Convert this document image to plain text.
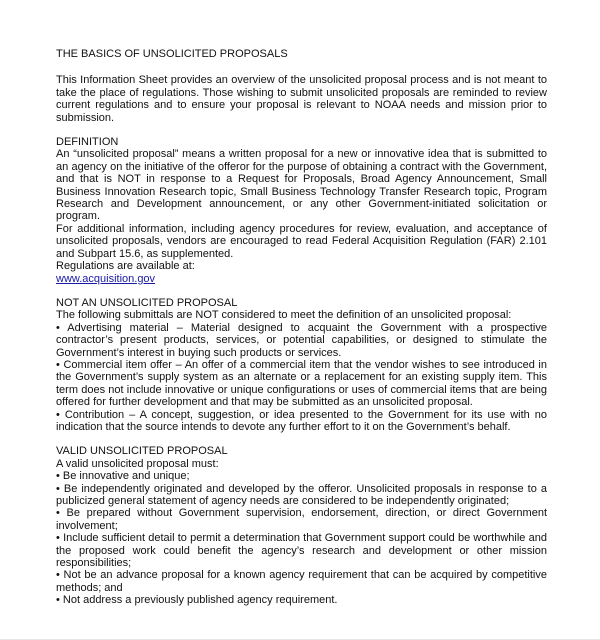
THE BASICS OF UNSOLICITED PROPOSALS

This Information Sheet provides an overview of the unsolicited proposal process and is not meant to take the place of regulations. Those wishing to submit unsolicited proposals are reminded to review current regulations and to ensure your proposal is relevant to NOAA needs and mission prior to submission.

DEFINITION

An “unsolicited proposal” means a written proposal for a new or innovative idea that is submitted to an agency on the initiative of the offeror for the purpose of obtaining a contract with the Government, and that is NOT in response to a Request for Proposals, Broad Agency Announcement, Small Business Innovation Research topic, Small Business Technology Transfer Research topic, Program Research and Development announcement, or any other Government-initiated solicitation or program.

For additional information, including agency procedures for review, evaluation, and acceptance of unsolicited proposals, vendors are encouraged to read Federal Acquisition Regulation (FAR) 2.101 and Subpart 15.6, as supplemented.

Regulations are available at:
www.acquisition.gov
NOT AN UNSOLICITED PROPOSAL
The following submittals are NOT considered to meet the definition of an unsolicited proposal:

• Advertising material – Material designed to acquaint the Government with a prospective contractor’s present products, services, or potential capabilities, or designed to stimulate the Government’s interest in buying such products or services.

• Commercial item offer – An offer of a commercial item that the vendor wishes to see introduced in the Government’s supply system as an alternate or a replacement for an existing supply item. This term does not include innovative or unique configurations or uses of commercial items that are being offered for further development and that may be submitted as an unsolicited proposal.

• Contribution – A concept, suggestion, or idea presented to the Government for its use with no indication that the source intends to devote any further effort to it on the Government’s behalf.

VALID UNSOLICITED PROPOSAL
A valid unsolicited proposal must:

• Be innovative and unique;

• Be independently originated and developed by the offeror. Unsolicited proposals in response to a publicized general statement of agency needs are considered to be independently originated;

• Be prepared without Government supervision, endorsement, direction, or direct Government involvement;

• Include sufficient detail to permit a determination that Government support could be worthwhile and the proposed work could benefit the agency’s research and development or other mission responsibilities;

• Not be an advance proposal for a known agency requirement that can be acquired by competitive methods; and

• Not address a previously published agency requirement.
